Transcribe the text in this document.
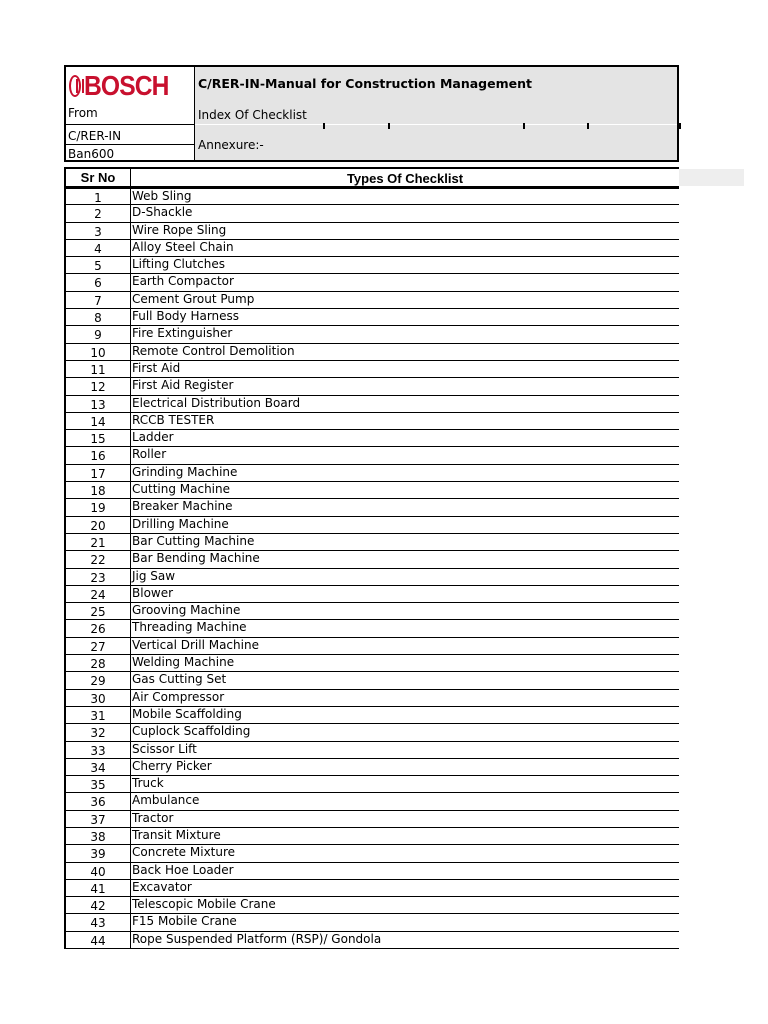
BOSCH
From
C/RER-IN
Ban600
C/RER-IN-Manual for Construction Management
Index Of Checklist
Annexure:-
Sr No	Types Of Checklist
1	Web Sling
2	D-Shackle
3	Wire Rope Sling
4	Alloy Steel Chain
5	Lifting Clutches
6	Earth Compactor
7	Cement Grout Pump
8	Full Body Harness
9	Fire Extinguisher
10	Remote Control Demolition
11	First Aid
12	First Aid Register
13	Electrical Distribution Board
14	RCCB TESTER
15	Ladder
16	Roller
17	Grinding Machine
18	Cutting Machine
19	Breaker Machine
20	Drilling Machine
21	Bar Cutting Machine
22	Bar Bending Machine
23	Jig Saw
24	Blower
25	Grooving Machine
26	Threading Machine
27	Vertical Drill Machine
28	Welding Machine
29	Gas Cutting Set
30	Air Compressor
31	Mobile Scaffolding
32	Cuplock Scaffolding
33	Scissor Lift
34	Cherry Picker
35	Truck
36	Ambulance
37	Tractor
38	Transit Mixture
39	Concrete Mixture
40	Back Hoe Loader
41	Excavator
42	Telescopic Mobile Crane
43	F15 Mobile Crane
44	Rope Suspended Platform (RSP)/ Gondola
